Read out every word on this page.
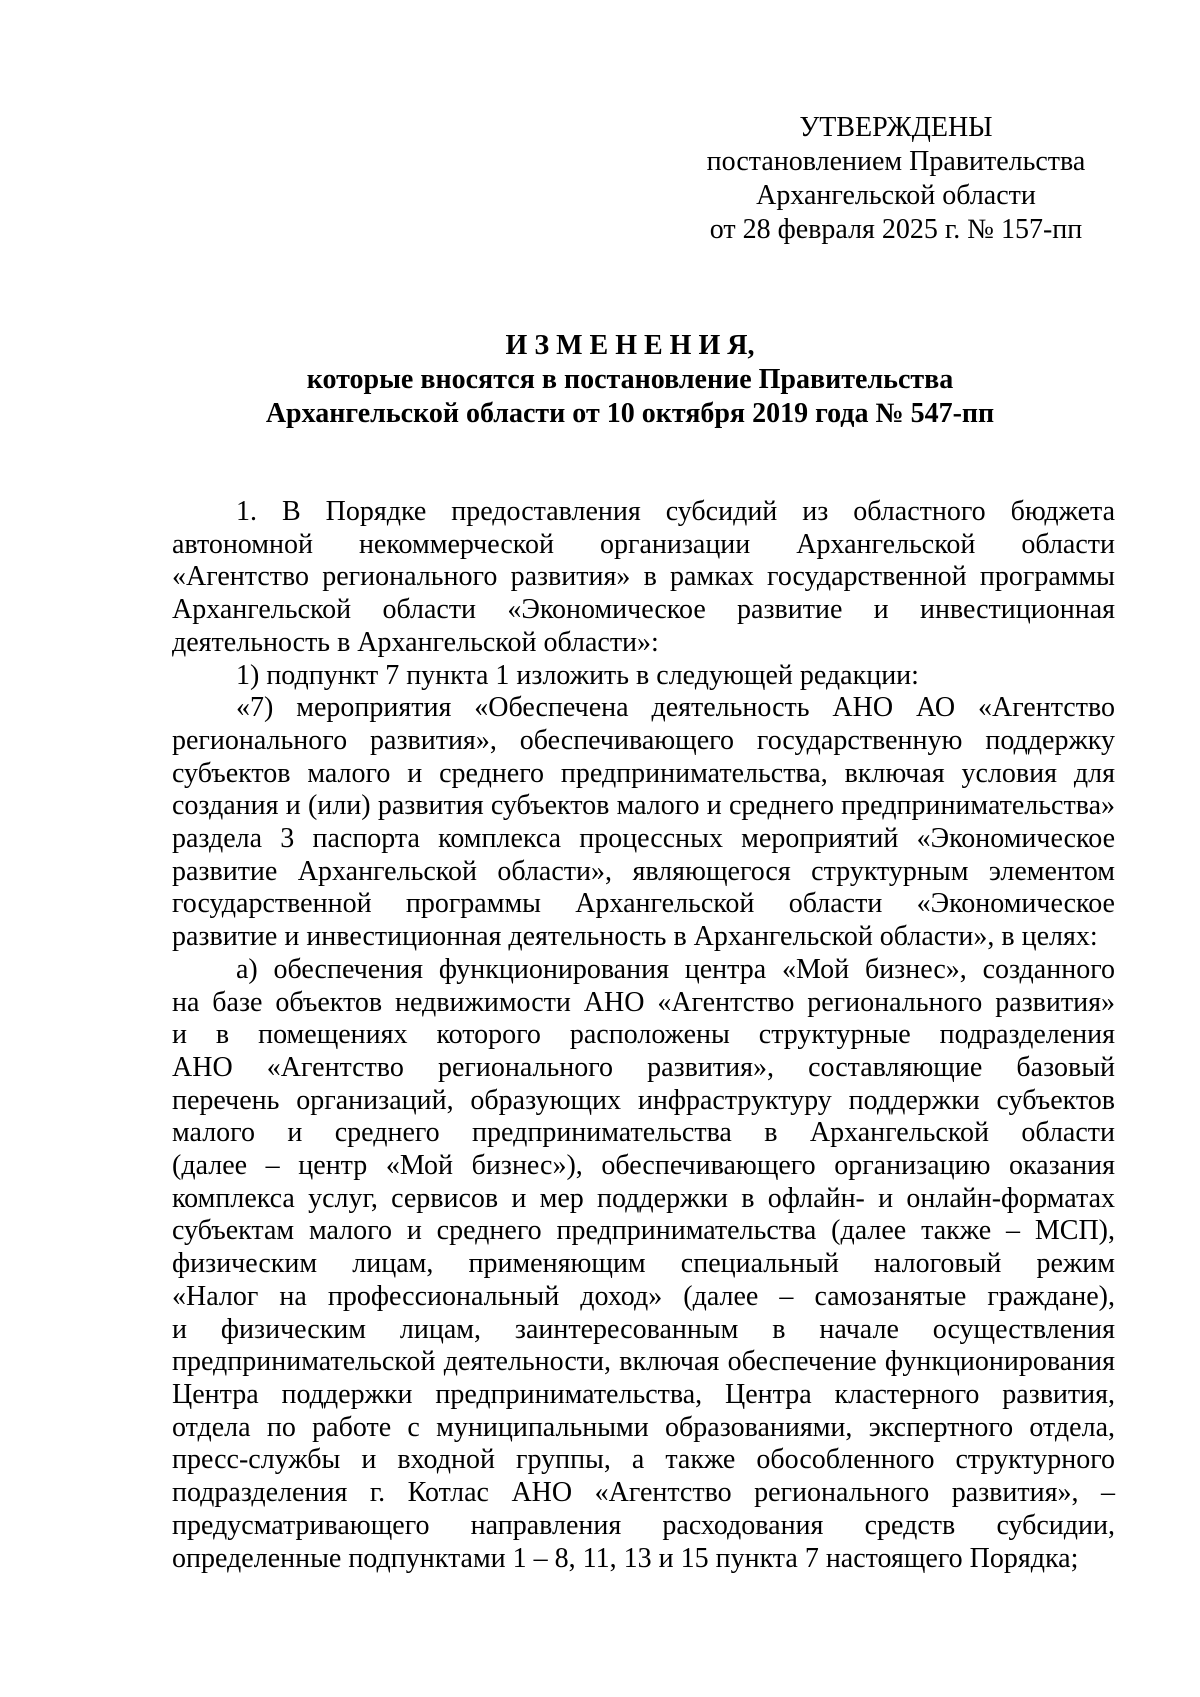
УТВЕРЖДЕНЫ
постановлением Правительства
Архангельской области
от 28 февраля 2025 г. № 157-пп
И З М Е Н Е Н И Я,
которые вносятся в постановление Правительства
Архангельской области от 10 октября 2019 года № 547-пп

1. В Порядке предоставления субсидий из областного бюджета
автономной некоммерческой организации Архангельской области
«Агентство регионального развития» в рамках государственной программы
Архангельской области «Экономическое развитие и инвестиционная
деятельность в Архангельской области»:

1) подпункт 7 пункта 1 изложить в следующей редакции:

«7) мероприятия «Обеспечена деятельность АНО АО «Агентство
регионального развития», обеспечивающего государственную поддержку
субъектов малого и среднего предпринимательства, включая условия для
создания и (или) развития субъектов малого и среднего предпринимательства»
раздела 3 паспорта комплекса процессных мероприятий «Экономическое
развитие Архангельской области», являющегося структурным элементом
государственной программы Архангельской области «Экономическое
развитие и инвестиционная деятельность в Архангельской области», в целях:

а) обеспечения функционирования центра «Мой бизнес», созданного
на базе объектов недвижимости АНО «Агентство регионального развития»
и в помещениях которого расположены структурные подразделения
АНО «Агентство регионального развития», составляющие базовый
перечень организаций, образующих инфраструктуру поддержки субъектов
малого и среднего предпринимательства в Архангельской области
(далее – центр «Мой бизнес»), обеспечивающего организацию оказания
комплекса услуг, сервисов и мер поддержки в офлайн- и онлайн-форматах
субъектам малого и среднего предпринимательства (далее также – МСП),
физическим лицам, применяющим специальный налоговый режим
«Налог на профессиональный доход» (далее – самозанятые граждане),
и физическим лицам, заинтересованным в начале осуществления
предпринимательской деятельности, включая обеспечение функционирования
Центра поддержки предпринимательства, Центра кластерного развития,
отдела по работе с муниципальными образованиями, экспертного отдела,
пресс-службы и входной группы, а также обособленного структурного
подразделения г. Котлас АНО «Агентство регионального развития», –
предусматривающего направления расходования средств субсидии,
определенные подпунктами 1 – 8, 11, 13 и 15 пункта 7 настоящего Порядка;
